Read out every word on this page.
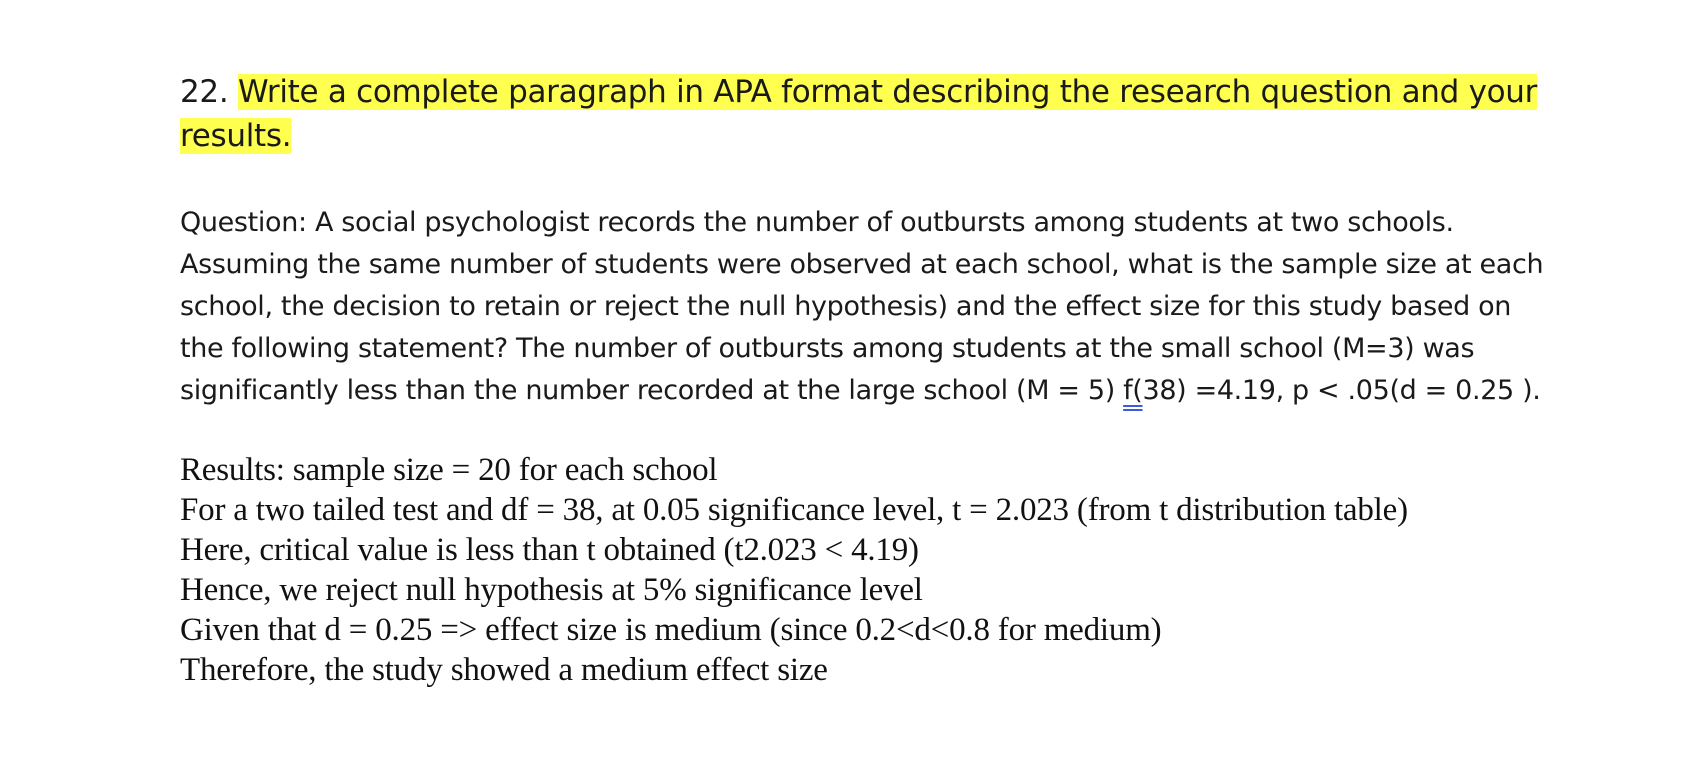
22. Write a complete paragraph in APA format describing the research question and your results.

Question: A social psychologist records the number of outbursts among students at two schools. Assuming the same number of students were observed at each school, what is the sample size at each school, the decision to retain or reject the null hypothesis) and the effect size for this study based on the following statement? The number of outbursts among students at the small school (M=3) was significantly less than the number recorded at the large school (M = 5) f(38) =4.19, p < .05(d = 0.25 ).

Results: sample size = 20 for each school
For a two tailed test and df = 38, at 0.05 significance level, t = 2.023 (from t distribution table)
Here, critical value is less than t obtained (t2.023 < 4.19)
Hence, we reject null hypothesis at 5% significance level
Given that d = 0.25 => effect size is medium (since 0.2<d<0.8 for medium)
Therefore, the study showed a medium effect size
